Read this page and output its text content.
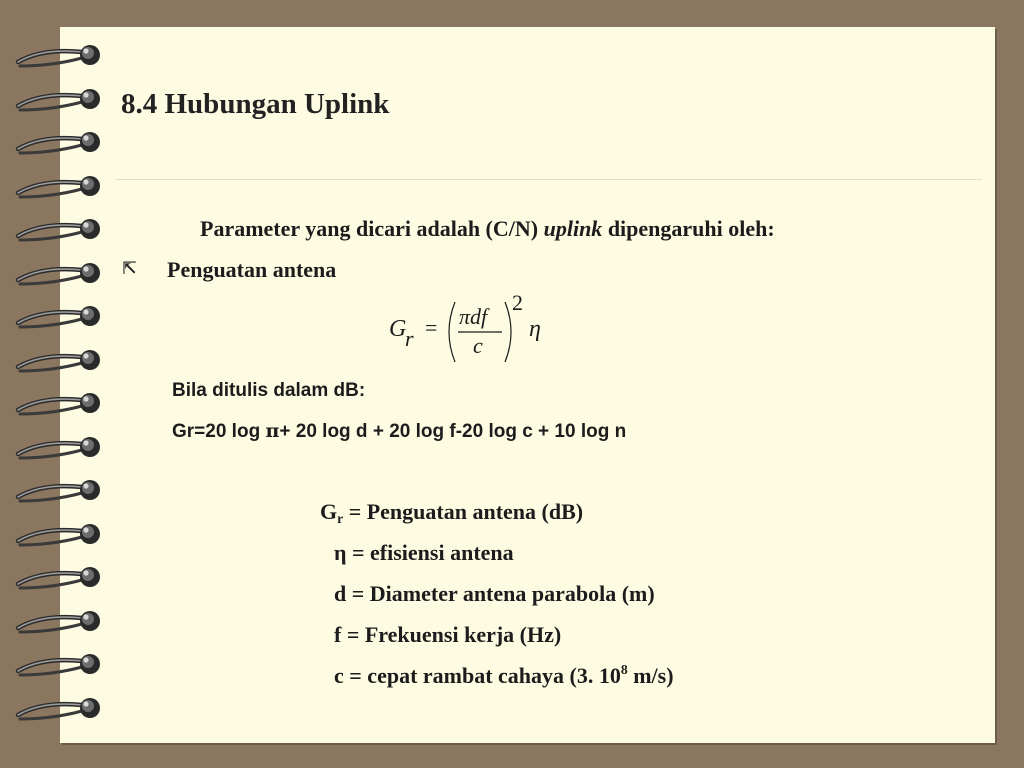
8.4 Hubungan Uplink
Parameter yang dicari adalah (C/N) uplink dipengaruhi oleh:
⇱ Penguatan antena
G
r = πdf
c
2
η
Bila ditulis dalam dB:
Gr=20 log π+ 20 log d + 20 log f-20 log c + 10 log n
$G_r$ = Penguatan antena (dB)
η = efisiensi antena
d = Diameter antena parabola (m)
f = Frekuensi kerja (Hz)
c = cepat rambat cahaya (3. $10^8$ m/s)
